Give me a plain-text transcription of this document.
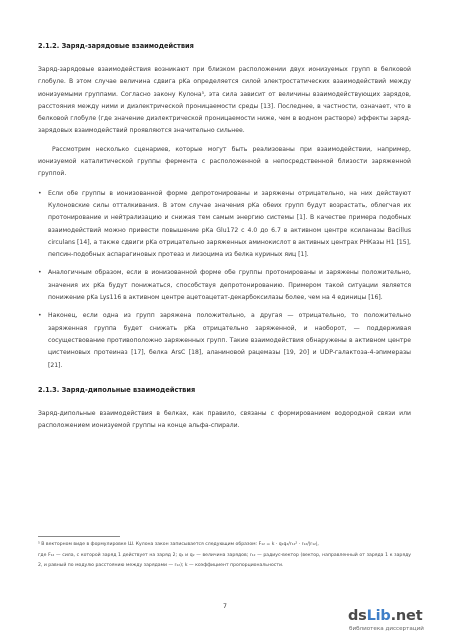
2.1.2. Заряд-зарядовые взаимодействия

Заряд-зарядовые взаимодействия возникают при близком расположении двух ионизуемых групп в белковой глобуле. В этом случае величина сдвига pKa определяется силой электростатических взаимодействий между ионизуемыми группами. Согласно закону Кулона⁵, эта сила зависит от величины взаимодействующих зарядов, расстояния между ними и диэлектрической проницаемости среды [13]. Последнее, в частности, означает, что в белковой глобуле (где значение диэлектрической проницаемости ниже, чем в водном растворе) эффекты заряд-зарядовых взаимодействий проявляются значительно сильнее.

Рассмотрим несколько сценариев, которые могут быть реализованы при взаимодействии, например, ионизуемой каталитической группы фермента с расположенной в непосредственной близости заряженной группой.

• Если обе группы в ионизованной форме депротонированы и заряжены отрицательно, на них действуют Кулоновские силы отталкивания. В этом случае значения pKa обеих групп будут возрастать, облегчая их протонирование и нейтрализацию и снижая тем самым энергию системы [1]. В качестве примера подобных взаимодействий можно привести повышение pKa Glu172 с 4.0 до 6.7 в активном центре ксиланазы Bacillus circulans [14], а также сдвиги pKa отрицательно заряженных аминокислот в активных центрах РНКазы H1 [15], пепсин-подобных аспарагиновых протеаз и лизоцима из белка куриных яиц [1].
• Аналогичным образом, если в ионизованной форме обе группы протонированы и заряжены положительно, значения их pKa будут понижаться, способствуя депротонированию. Примером такой ситуации является понижение pKa Lys116 в активном центре ацетоацетат-декарбоксилазы более, чем на 4 единицы [16].
• Наконец, если одна из групп заряжена положительно, а другая — отрицательно, то положительно заряженная группа будет снижать pKa отрицательно заряженной, и наоборот, — поддерживая сосуществование противоположно заряженных групп. Такие взаимодействия обнаружены в активном центре цистеиновых протеиназ [17], белка ArsC [18], аланиновой рацемазы [19, 20] и UDP-галактоза-4-эпимеразы [21].
2.1.3. Заряд-дипольные взаимодействия

Заряд-дипольные взаимодействия в белках, как правило, связаны с формированием водородной связи или расположением ионизуемой группы на конце альфа-спирали.

⁵ В векторном виде в формулировке Ш. Кулона закон записывается следующим образом: F₁₂ = k · q₁q₂/r₁₂² · r₁₂/|r₁₂|,
где F₁₂ — сила, с которой заряд 1 действует на заряд 2; q₁ и q₂ — величина зарядов; r₁₂ — радиус-вектор (вектор, направленный от заряда 1 к заряду 2, и равный по модулю расстоянию между зарядами — r₁₂); k — коэффициент пропорциональности.
7
dsLib.net
библиотека диссертаций
